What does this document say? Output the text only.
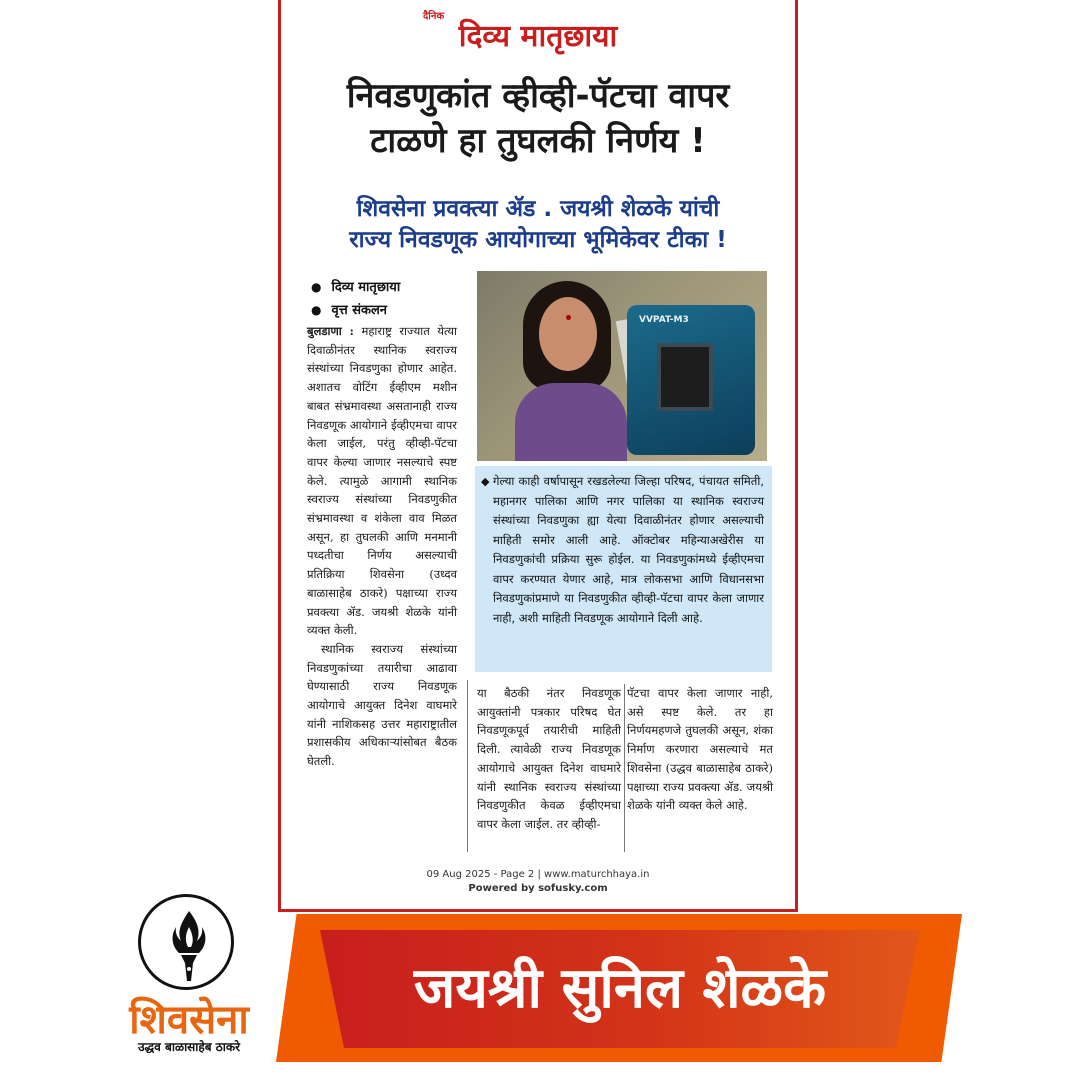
दैनिक
दिव्य मातृछाया
निवडणुकांत व्हीव्ही-पॅटचा वापर
टाळणे हा तुघलकी निर्णय !
शिवसेना प्रवक्त्या ॲड . जयश्री शेळके यांची
राज्य निवडणूक आयोगाच्या भूमिकेवर टीका !
● दिव्य मातृछाया
● वृत्त संकलन
VVPAT-M3
बुलडाणा : महाराष्ट्र राज्यात येत्या दिवाळीनंतर स्थानिक स्वराज्य संस्थांच्या निवडणुका होणार आहेत. अशातच वोटिंग ईव्हीएम मशीन बाबत संभ्रमावस्था असतानाही राज्य निवडणूक आयोगाने ईव्हीएमचा वापर केला जाईल, परंतु व्हीव्ही-पॅटचा वापर केल्या जाणार नसल्याचे स्पष्ट केले. त्यामुळे आगामी स्थानिक स्वराज्य संस्थांच्या निवडणुकीत संभ्रमावस्था व शंकेला वाव मिळत असून, हा तुघलकी आणि मनमानी पध्दतीचा निर्णय असल्याची प्रतिक्रिया शिवसेना (उध्दव बाळासाहेब ठाकरे) पक्षाच्या राज्य प्रवक्त्या ॲड. जयश्री शेळके यांनी व्यक्त केली.
स्थानिक स्वराज्य संस्थांच्या निवडणुकांच्या तयारीचा आढावा घेण्यासाठी राज्य निवडणूक आयोगाचे आयुक्त दिनेश वाघमारे यांनी नाशिकसह उत्तर महाराष्ट्रातील प्रशासकीय अधिकाऱ्यांसोबत बैठक घेतली.
◆ गेल्या काही वर्षापासून रखडलेल्या जिल्हा परिषद, पंचायत समिती, महानगर पालिका आणि नगर पालिका या स्थानिक स्वराज्य संस्थांच्या निवडणुका ह्या येत्या दिवाळीनंतर होणार असल्याची माहिती समोर आली आहे. ऑक्टोबर महिन्याअखेरीस या निवडणुकांची प्रक्रिया सुरू होईल. या निवडणुकांमध्ये ईव्हीएमचा वापर करण्यात येणार आहे, मात्र लोकसभा आणि विधानसभा निवडणुकांप्रमाणे या निवडणुकीत व्हीव्ही-पॅटचा वापर केला जाणार नाही, अशी माहिती निवडणूक आयोगाने दिली आहे.
या बैठकी नंतर निवडणूक आयुक्तांनी पत्रकार परिषद घेत निवडणूकपूर्व तयारीची माहिती दिली. त्यावेळी राज्य निवडणूक आयोगाचे आयुक्त दिनेश वाघमारे यांनी स्थानिक स्वराज्य संस्थांच्या निवडणुकीत केवळ ईव्हीएमचा वापर केला जाईल. तर व्हीव्ही-
पॅटचा वापर केला जाणार नाही, असे स्पष्ट केले. तर हा निर्णयमहणजे तुघलकी असून, शंका निर्माण करणारा असल्याचे मत शिवसेना (उद्धव बाळासाहेब ठाकरे) पक्षाच्या राज्य प्रवक्त्या ॲड. जयश्री शेळके यांनी व्यक्त केले आहे.
09 Aug 2025 - Page 2 | www.maturchhaya.in
Powered by sofusky.com
जयश्री सुनिल शेळके
शिवसेना
उद्धव बाळासाहेब ठाकरे
